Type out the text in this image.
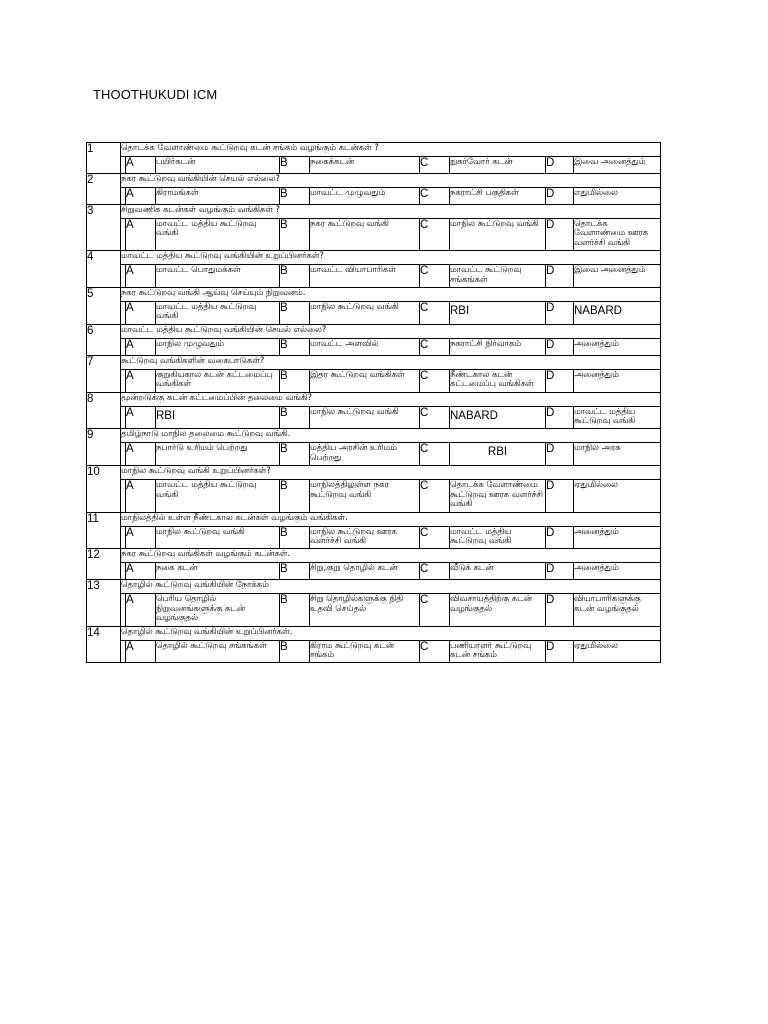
THOOTHUKUDI ICM
1	தொடக்க வேளாண்மை கூட்டுறவு கடன் சங்கம் வழங்கும் கடன்கள் ?								
		A	பயிர்கடன்	B	நகைக்கடன்	C	நுகர்வோர் கடன்	D	இவை அனைத்தும்
2	நகர கூட்டுறவு வங்கியின் செயல் எல்லை?								
		A	கிராமங்கள்	B	மாவட்ட முழுவதும்	C	நகராட்சி பகுதிகள்	D	எதுமில்லை
3	சிறுவணிக கடன்கள் வழங்கும் வங்கிகள் ?								
		A	மாவட்ட மத்திய கூட்டுறவு வங்கி	B	நகர கூட்டுறவு வங்கி	C	மாநில கூட்டுறவு வங்கி	D	தொடக்க வேளாண்மை ஊரக வளர்ச்சி வங்கி
4	மாவட்ட மத்திய கூட்டுறவு வங்கியின் உறுப்பினர்கள்?								
		A	மாவட்ட பொதுமக்கள்	B	மாவட்ட வியாபாரிகள்	C	மாவட்ட கூட்டுறவு சங்கங்கள்	D	இவை அனைத்தும்
5	நகர கூட்டுறவு வங்கி ஆய்வு செய்யும் நிறுவனம்.								
		A	மாவட்ட மத்திய கூட்டுறவு வங்கி	B	மாநில கூட்டுறவு வங்கி	C	RBI	D	NABARD
6	மாவட்ட மத்திய கூட்டுறவு வங்கியின் செயல் எல்லை?								
		A	மாநில முழுவதும்	B	மாவட்ட அளவில்	C	நகராட்சி நிர்வாகம்	D	அனைத்தும்
7	கூட்டுறவு வங்கிகளின் வகைபாடுகள்?								
		A	குறுகியகால கடன் கட்டமைப்பு வங்கிகள்	B	இதர கூட்டுறவு வங்கிகள்	C	நீண்டகால கடன் கட்டமைப்பு வங்கிகள்	D	அனைத்தும்
8	மூன்றடுக்கு கடன் கட்டமைப்பின் தலைமை வங்கி?								
		A	RBI	B	மாநில கூட்டுறவு வங்கி	C	NABARD	D	மாவட்ட மத்திய கூட்டுறவு வங்கி
9	தமிழ்நாடு மாநில தலைமை கூட்டுறவு வங்கி.								
		A	நபார்டு உரிமம் பெற்றது	B	மத்திய அரசின் உரிமம் பெற்றது	C	RBI	D	மாநில அரசு
10	மாநில கூட்டுறவு வங்கி உறுப்பினர்கள்?								
		A	மாவட்ட மத்திய கூட்டுறவு வங்கி	B	மாநிலத்திலுள்ள நகர கூட்டுறவு வங்கி	C	தொடக்க வேளாண்மை கூட்டுறவு ஊரக வளர்ச்சி வங்கி	D	ஏதுமில்லை
11	மாநிலத்தில் உள்ள நீண்டகால கடன்கள் வழங்கும் வங்கிகள்.								
		A	மாநில கூட்டுறவு வங்கி	B	மாநில கூட்டுறவு ஊரக வளர்ச்சி வங்கி	C	மாவட்ட மத்திய கூட்டுறவு வங்கி	D	அனைத்தும்
12	நகர கூட்டுறவு வங்கிகள் வழங்கும் கடன்கள்.								
		A	நகை கடன்	B	சிறு,குறு தொழில் கடன்	C	வீடுக் கடன்	D	அனைத்தும்
13	தொழில் கூட்டுறவு வங்கியின் நோக்கம்								
		A	பெரிய தொழில் நிறுவனங்களுக்கு கடன் வழங்குதல்	B	சிறு தொழில்களுக்கு நிதி உதவி செய்தல்	C	விவசாயத்திற்கு கடன் வழங்குதல்	D	வியாபாரிகளுக்கு கடன் வழங்குதல்
14	தொழில் கூட்டுறவு வங்கியின் உறுப்பினர்கள்.								
		A	தொழில் கூட்டுறவு சங்கங்கள்	B	கிராம கூட்டுறவு கடன் சங்கம்	C	பணியாளர் கூட்டுறவு கடன் சங்கம்	D	ஏதுமில்லை
